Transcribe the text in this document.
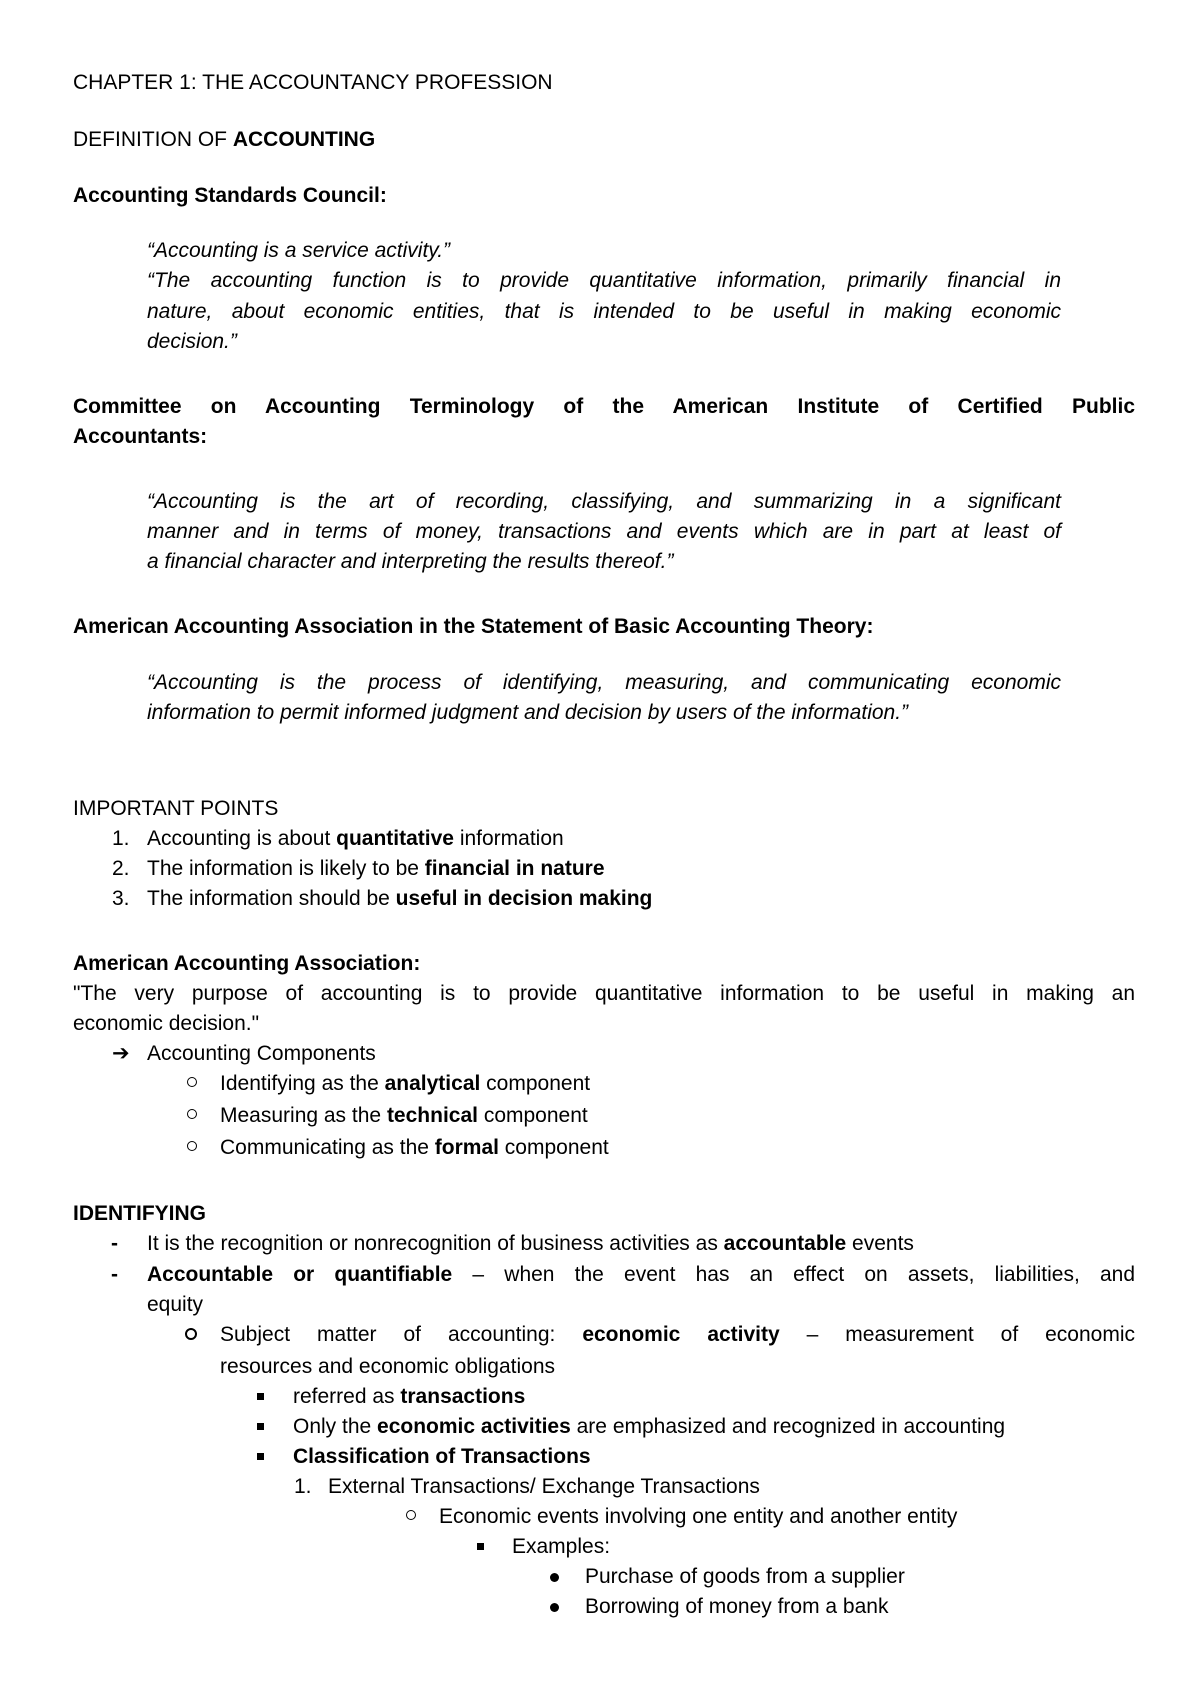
CHAPTER 1: THE ACCOUNTANCY PROFESSION
DEFINITION OF ACCOUNTING
Accounting Standards Council:
“Accounting is a service activity.”
“The accounting function is to provide quantitative information, primarily financial in
nature, about economic entities, that is intended to be useful in making economic
decision.”
Committee on Accounting Terminology of the American Institute of Certified Public
Accountants:
“Accounting is the art of recording, classifying, and summarizing in a significant
manner and in terms of money, transactions and events which are in part at least of
a financial character and interpreting the results thereof.”
American Accounting Association in the Statement of Basic Accounting Theory:
“Accounting is the process of identifying, measuring, and communicating economic
information to permit informed judgment and decision by users of the information.”
IMPORTANT POINTS
1. Accounting is about quantitative information
2. The information is likely to be financial in nature
3. The information should be useful in decision making
American Accounting Association:
"The very purpose of accounting is to provide quantitative information to be useful in making an
economic decision."
➔ Accounting Components
Identifying as the analytical component
Measuring as the technical component
Communicating as the formal component
IDENTIFYING
- It is the recognition or nonrecognition of business activities as accountable events
- Accountable or quantifiable – when the event has an effect on assets, liabilities, and
equity
Subject matter of accounting: economic activity – measurement of economic
resources and economic obligations
referred as transactions
Only the economic activities are emphasized and recognized in accounting
Classification of Transactions
1. External Transactions/ Exchange Transactions
Economic events involving one entity and another entity
Examples:
Purchase of goods from a supplier
Borrowing of money from a bank
